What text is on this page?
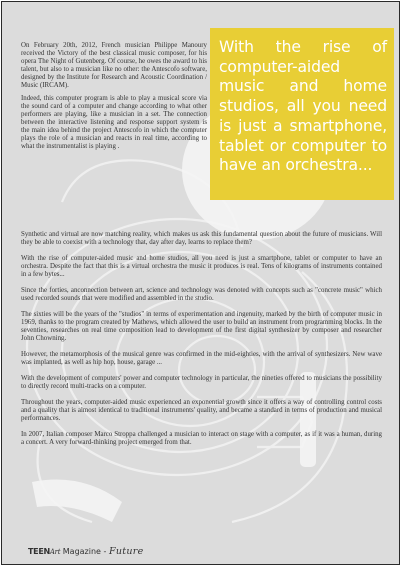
On February 20th, 2012, French musician Philippe Manoury received the Victory of the best classical music composer, for his opera The Night of Gutenberg. Of course, he owes the award to his talent, but also to a musician like no other: the Antescofo software, designed by the Institute for Research and Acoustic Coordination / Music (IRCAM).

Indeed, this computer program is able to play a musical score via the sound card of a computer and change according to what other performers are playing, like a musician in a set. The connection between the interactive listening and response support system is the main idea behind the project Antescofo in which the computer plays the role of a musician and reacts in real time, according to what the instrumentalist is playing .

With the rise of computer-aided music and home studios, all you need is just a smartphone, tablet or computer to have an orchestra...

Synthetic and virtual are now matching reality, which makes us ask this fundamental question about the future of musicians. Will they be able to coexist with a technology that, day after day, learns to replace them?

With the rise of computer-aided music and home studios, all you need is just a smartphone, tablet or computer to have an orchestra. Despite the fact that this is a virtual orchestra the music it produces is real. Tens of kilograms of instruments contained in a few bytes...

Since the forties, anconnection between art, science and technology was denoted with concepts such as "concrete music" which used recorded sounds that were modified and assembled in the studio.

The sixties will be the years of the "studios" in terms of experimentation and ingenuity, marked by the birth of computer music in 1969, thanks to the program created by Mathews, which allowed the user to build an instrument from programming blocks. In the seventies, researches on real time composition lead to development of the first digital synthesizer by composer and researcher John Chowning.

However, the metamorphosis of the musical genre was confirmed in the mid-eighties, with the arrival of synthesizers. New wave was implanted, as well as hip hop, house, garage ...

With the development of computers' power and computer technology in particular, the nineties offered to musicians the possibility to directly record multi-tracks on a computer.

Throughout the years, computer-aided music experienced an exponential growth since it offers a way of controlling control costs and a quality that is almost identical to traditional instruments' quality, and became a standard in terms of production and musical performances.

In 2007, Italian composer Marco Stroppa challenged a musician to interact on stage with a computer, as if it was a human, during a concert. A very forward-thinking project emerged from that.

TEENArt Magazine - Future
